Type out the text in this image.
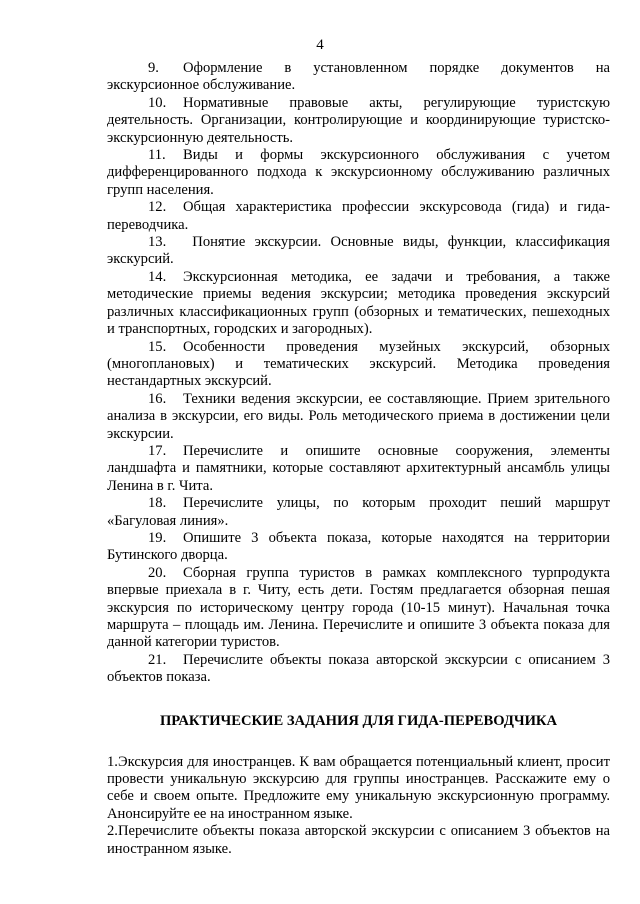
4
9. Оформление в установленном порядке документов на экскурсионное обслуживание.
10. Нормативные правовые акты, регулирующие туристскую деятельность. Организации, контролирующие и координирующие туристско-экскурсионную деятельность.
11. Виды и формы экскурсионного обслуживания с учетом дифференцированного подхода к экскурсионному обслуживанию различных групп населения.
12. Общая характеристика профессии экскурсовода (гида) и гида-переводчика.
13. Понятие экскурсии. Основные виды, функции, классификация экскурсий.
14. Экскурсионная методика, ее задачи и требования, а также методические приемы ведения экскурсии; методика проведения экскурсий различных классификационных групп (обзорных и тематических, пешеходных и транспортных, городских и загородных).
15. Особенности проведения музейных экскурсий, обзорных (многоплановых) и тематических экскурсий. Методика проведения нестандартных экскурсий.
16. Техники ведения экскурсии, ее составляющие. Прием зрительного анализа в экскурсии, его виды. Роль методического приема в достижении цели экскурсии.
17. Перечислите и опишите основные сооружения, элементы ландшафта и памятники, которые составляют архитектурный ансамбль улицы Ленина в г. Чита.
18. Перечислите улицы, по которым проходит пеший маршрут «Багуловая линия».
19. Опишите 3 объекта показа, которые находятся на территории Бутинского дворца.
20. Сборная группа туристов в рамках комплексного турпродукта впервые приехала в г. Читу, есть дети. Гостям предлагается обзорная пешая экскурсия по историческому центру города (10-15 минут). Начальная точка маршрута – площадь им. Ленина. Перечислите и опишите 3 объекта показа для данной категории туристов.
21. Перечислите объекты показа авторской экскурсии с описанием 3 объектов показа.
ПРАКТИЧЕСКИЕ ЗАДАНИЯ ДЛЯ ГИДА-ПЕРЕВОДЧИКА
1.Экскурсия для иностранцев. К вам обращается потенциальный клиент, просит провести уникальную экскурсию для группы иностранцев. Расскажите ему о себе и своем опыте. Предложите ему уникальную экскурсионную программу. Анонсируйте ее на иностранном языке.
2.Перечислите объекты показа авторской экскурсии с описанием 3 объектов на иностранном языке.
